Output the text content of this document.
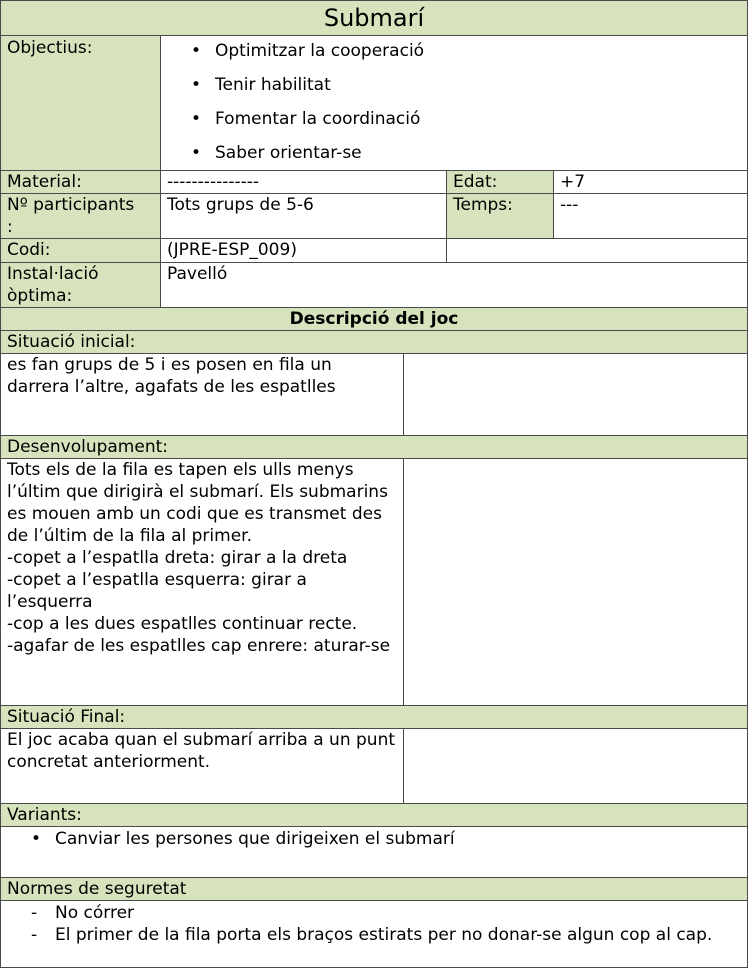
Submarí
Objectius:
•	Optimitzar la cooperació
• Tenir habilitat
• Fomentar la coordinació
• Saber orientar-se
Material:	---------------	Edat:	+7
Nº participants
:
Tots grups de 5-6	Temps:	---
Codi:	(JPRE-ESP_009)
Instal·lació
òptima:
Pavelló
Descripció del joc
Situació inicial:
es fan grups de 5 i es posen en fila un darrera l’altre, agafats de les espatlles
Desenvolupament:
Tots els de la fila es tapen els ulls menys l’últim que dirigirà el submarí. Els submarins es mouen amb un codi que es transmet des de l’últim de la fila al primer.
-copet a l’espatlla dreta: girar a la dreta
-copet a l’espatlla esquerra: girar a l’esquerra
-cop a les dues espatlles continuar recte.
-agafar de les espatlles cap enrere: aturar-se
Situació Final:
El joc acaba quan el submarí arriba a un punt concretat anteriorment.
Variants:
• Canviar les persones que dirigeixen el submarí
Normes de seguretat
- No córrer
- El primer de la fila porta els braços estirats per no donar-se algun cop al cap.
